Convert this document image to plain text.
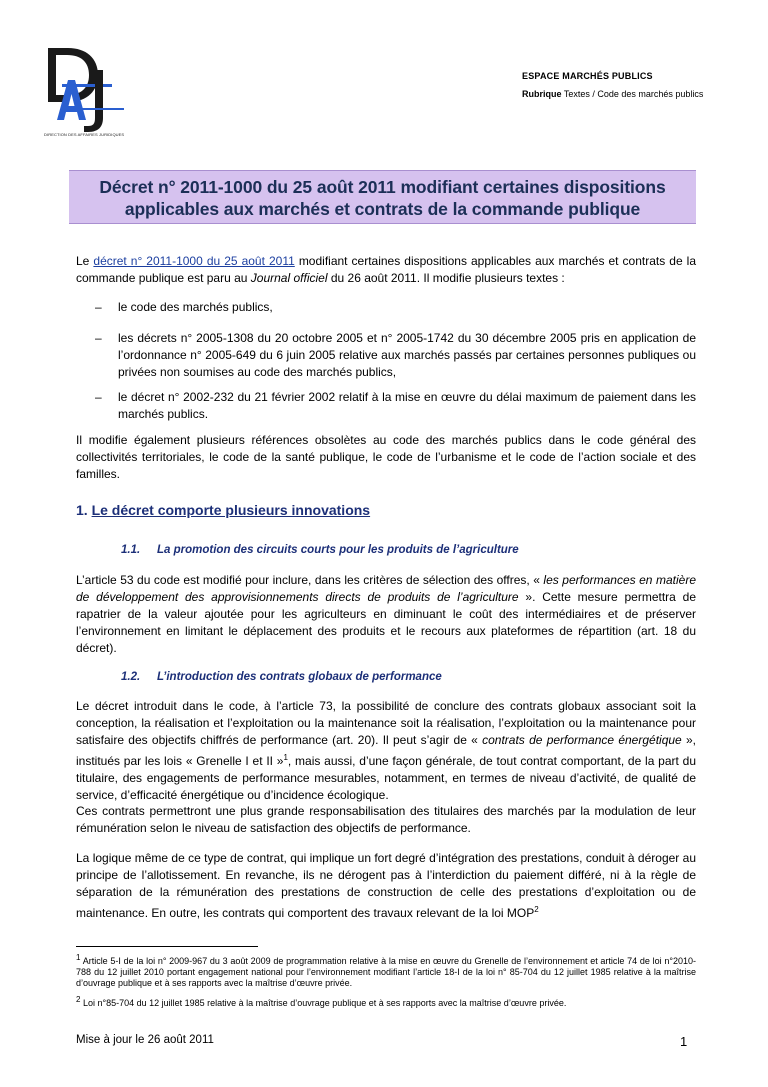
DIRECTION DES AFFAIRES JURIDIQUES
ESPACE MARCHÉS PUBLICS
Rubrique Textes / Code des marchés publics
Décret n° 2011-1000 du 25 août 2011 modifiant certaines dispositions
applicables aux marchés et contrats de la commande publique
Le décret n° 2011-1000 du 25 août 2011 modifiant certaines dispositions applicables aux marchés et contrats de la commande publique est paru au Journal officiel du 26 août 2011. Il modifie plusieurs textes :
– le code des marchés publics,
– les décrets n° 2005-1308 du 20 octobre 2005 et n° 2005-1742 du 30 décembre 2005 pris en application de l’ordonnance n° 2005-649 du 6 juin 2005 relative aux marchés passés par certaines personnes publiques ou privées non soumises au code des marchés publics,
– le décret n° 2002-232 du 21 février 2002 relatif à la mise en œuvre du délai maximum de paiement dans les marchés publics.
Il modifie également plusieurs références obsolètes au code des marchés publics dans le code général des collectivités territoriales, le code de la santé publique, le code de l’urbanisme et le code de l’action sociale et des familles.
1. Le décret comporte plusieurs innovations
1.1. La promotion des circuits courts pour les produits de l’agriculture
L’article 53 du code est modifié pour inclure, dans les critères de sélection des offres, « les performances en matière de développement des approvisionnements directs de produits de l’agriculture ». Cette mesure permettra de rapatrier de la valeur ajoutée pour les agriculteurs en diminuant le coût des intermédiaires et de préserver l’environnement en limitant le déplacement des produits et le recours aux plateformes de répartition (art. 18 du décret).
1.2. L’introduction des contrats globaux de performance
Le décret introduit dans le code, à l’article 73, la possibilité de conclure des contrats globaux associant soit la conception, la réalisation et l’exploitation ou la maintenance soit la réalisation, l’exploitation ou la maintenance pour satisfaire des objectifs chiffrés de performance (art. 20). Il peut s’agir de « contrats de performance énergétique », institués par les lois « Grenelle I et II »$^1$, mais aussi, d’une façon générale, de tout contrat comportant, de la part du titulaire, des engagements de performance mesurables, notamment, en termes de niveau d’activité, de qualité de service, d’efficacité énergétique ou d’incidence écologique.
Ces contrats permettront une plus grande responsabilisation des titulaires des marchés par la modulation de leur rémunération selon le niveau de satisfaction des objectifs de performance.
La logique même de ce type de contrat, qui implique un fort degré d’intégration des prestations, conduit à déroger au principe de l’allotissement. En revanche, ils ne dérogent pas à l’interdiction du paiement différé, ni à la règle de séparation de la rémunération des prestations de construction de celle des prestations d’exploitation ou de maintenance. En outre, les contrats qui comportent des travaux relevant de la loi MOP$^2$
$^1$ Article 5-I de la loi n° 2009-967 du 3 août 2009 de programmation relative à la mise en œuvre du Grenelle de l’environnement et article 74 de loi n°2010-788 du 12 juillet 2010 portant engagement national pour l’environnement modifiant l’article 18-I de la loi n° 85-704 du 12 juillet 1985 relative à la maîtrise d’ouvrage publique et à ses rapports avec la maîtrise d’œuvre privée.
$^2$ Loi n°85-704 du 12 juillet 1985 relative à la maîtrise d’ouvrage publique et à ses rapports avec la maîtrise d’œuvre privée.
Mise à jour le 26 août 2011	1
